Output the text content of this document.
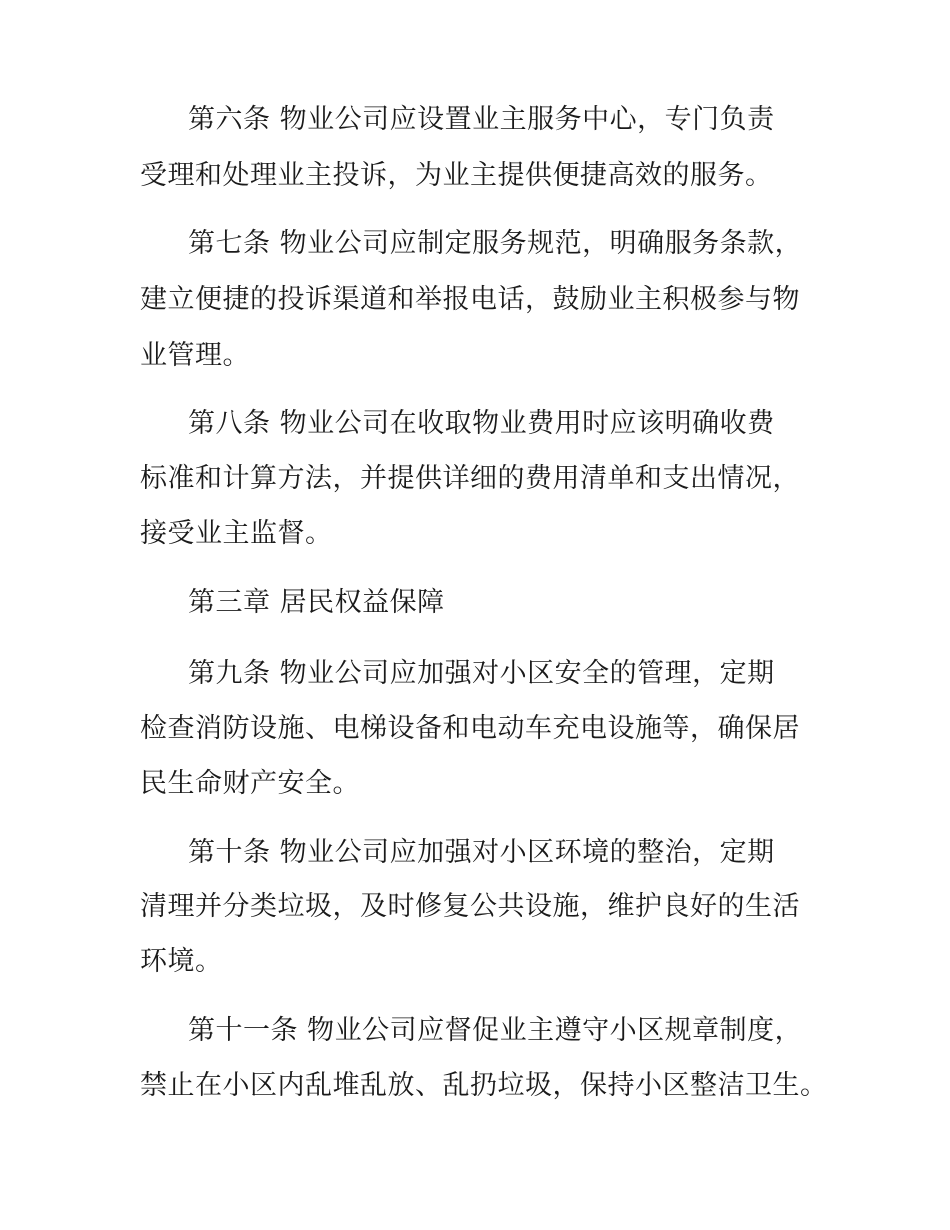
第六条 物业公司应设置业主服务中心，专门负责
受理和处理业主投诉，为业主提供便捷高效的服务。
第七条 物业公司应制定服务规范，明确服务条款，
建立便捷的投诉渠道和举报电话，鼓励业主积极参与物
业管理。
第八条 物业公司在收取物业费用时应该明确收费
标准和计算方法，并提供详细的费用清单和支出情况，
接受业主监督。
第三章 居民权益保障
第九条 物业公司应加强对小区安全的管理，定期
检查消防设施、电梯设备和电动车充电设施等，确保居
民生命财产安全。
第十条 物业公司应加强对小区环境的整治，定期
清理并分类垃圾，及时修复公共设施，维护良好的生活
环境。
第十一条 物业公司应督促业主遵守小区规章制度，
禁止在小区内乱堆乱放、乱扔垃圾，保持小区整洁卫生。
